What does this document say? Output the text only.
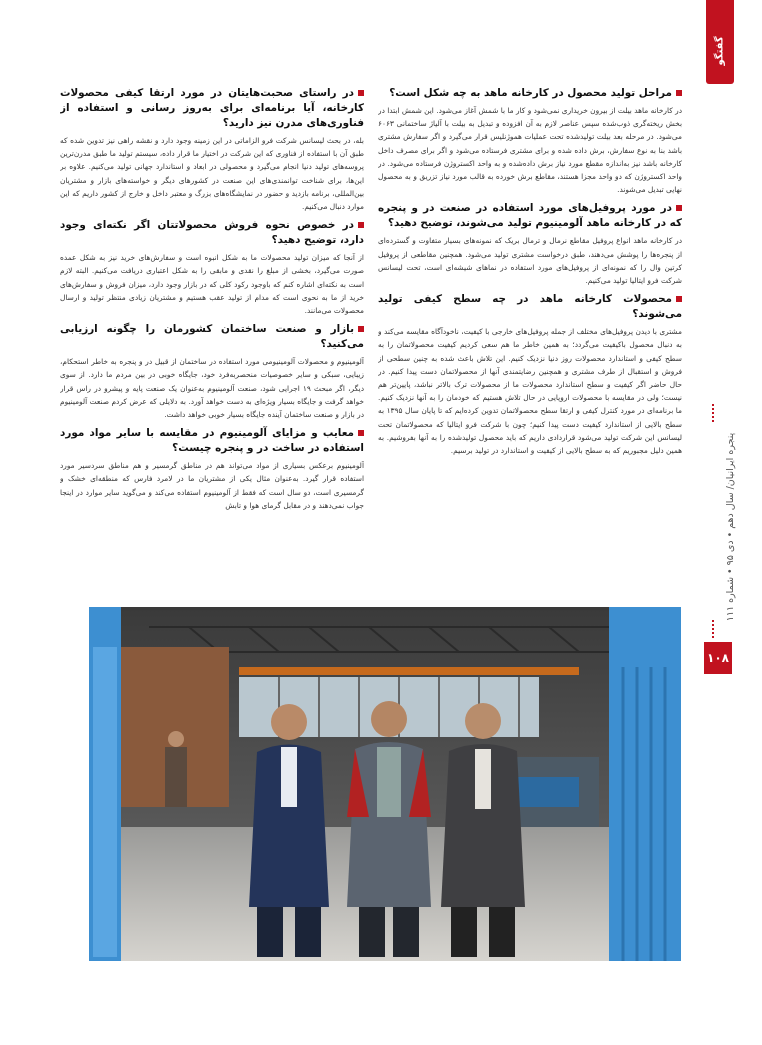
گفتگو
پنجره ایرانیان/ سال دهم • دی ۹۵ • شماره ۱۱۱
۱۰۸
مراحل تولید محصول در کارخانه ماهد به چه شکل است؟

در کارخانه ماهد بیلت از بیرون خریداری نمی‌شود و کار ما با شمش آغاز می‌شود. این شمش ابتدا در بخش ریخته‌گری ذوب‌شده سپس عناصر لازم به آن افزوده و تبدیل به بیلت با آلیاژ ساختمانی ۶۰۶۳ می‌شود. در مرحله بعد بیلت تولیدشده تحت عملیات هموژنلیس قرار می‌گیرد و اگر سفارش مشتری باشد بنا به نوع سفارش، برش داده شده و برای مشتری فرستاده می‌شود و اگر برای مصرف داخل کارخانه باشد نیز به‌اندازه مقطع مورد نیاز برش داده‌شده و به واحد اکستروژن فرستاده می‌شود. در واحد اکستروژن که دو واحد مجزا هستند، مقاطع برش خورده به قالب مورد نیاز تزریق و به محصول نهایی تبدیل می‌شوند.

در مورد پروفیل‌های مورد استفاده در صنعت در و پنجره که در کارخانه ماهد آلومینیوم تولید می‌شوند، توضیح دهید؟

در کارخانه ماهد انواع پروفیل مقاطع نرمال و ترمال بریک که نمونه‌های بسیار متفاوت و گسترده‌ای از پنجره‌ها را پوشش می‌دهند، طبق درخواست مشتری تولید می‌شود. همچنین مقاطعی از پروفیل کرتین وال را که نمونه‌ای از پروفیل‌های مورد استفاده در نماهای شیشه‌ای است، تحت لیسانس شرکت فرو ایتالیا تولید می‌کنیم.

محصولات کارخانه ماهد در چه سطح کیفی تولید می‌شوند؟

مشتری با دیدن پروفیل‌های مختلف از جمله پروفیل‌های خارجی با کیفیت، ناخودآگاه مقایسه می‌کند و به دنبال محصول باکیفیت می‌گردد؛ به همین خاطر ما هم سعی کردیم کیفیت محصولاتمان را به سطح کیفی و استاندارد محصولات روز دنیا نزدیک کنیم. این تلاش باعث شده به چنین سطحی از فروش و استقبال از طرف مشتری و همچنین رضایتمندی آنها از محصولاتمان دست پیدا کنیم. در حال حاضر اگر کیفیت و سطح استاندارد محصولات ما از محصولات ترک بالاتر نباشد، پایین‌تر هم نیست؛ ولی در مقایسه با محصولات اروپایی در حال تلاش هستیم که خودمان را به آنها نزدیک کنیم. ما برنامه‌ای در مورد کنترل کیفی و ارتقا سطح محصولاتمان تدوین کرده‌ایم که تا پایان سال ۱۳۹۵ به سطح بالایی از استاندارد کیفیت دست پیدا کنیم؛ چون با شرکت فرو ایتالیا که محصولاتمان تحت لیسانس این شرکت تولید می‌شود قراردادی داریم که باید محصول تولیدشده را به آنها بفروشیم. به همین دلیل مجبوریم که به سطح بالایی از کیفیت و استاندارد در تولید برسیم.

در راستای صحبت‌هایتان در مورد ارتقا کیفی محصولات کارخانه، آیا برنامه‌ای برای به‌روز رسانی و استفاده از فناوری‌های مدرن نیز دارید؟

بله، در بحث لیسانس شرکت فرو الزاماتی در این زمینه وجود دارد و نقشه راهی نیز تدوین شده که طبق آن با استفاده از فناوری که این شرکت در اختیار ما قرار داده، سیستم تولید ما طبق مدرن‌ترین پروسه‌های تولید دنیا انجام می‌گیرد و محصولی در ابعاد و استاندارد جهانی تولید می‌کنیم. علاوه بر این‌ها، برای شناخت توانمندی‌های این صنعت در کشورهای دیگر و خواسته‌های بازار و مشتریان بین‌المللی، برنامه بازدید و حضور در نمایشگاه‌های بزرگ و معتبر داخل و خارج از کشور داریم که این موارد دنبال می‌کنیم.

در خصوص نحوه فروش محصولاتتان اگر نکته‌ای وجود دارد، توضیح دهید؟

از آنجا که میزان تولید محصولات ما به شکل انبوه است و سفارش‌های خرید نیز به شکل عمده صورت می‌گیرد، بخشی از مبلغ را نقدی و مابقی را به شکل اعتباری دریافت می‌کنیم. البته لازم است به نکته‌ای اشاره کنم که باوجود رکود کلی که در بازار وجود دارد، میزان فروش و سفارش‌های خرید از ما به نحوی است که مدام از تولید عقب هستیم و مشتریان زیادی منتظر تولید و ارسال محصولات می‌مانند.

بازار و صنعت ساختمان کشورمان را چگونه ارزیابی می‌کنید؟

آلومینیوم و محصولات آلومینیومی مورد استفاده در ساختمان از قبیل در و پنجره به خاطر استحکام، زیبایی، سبکی و سایر خصوصیات منحصربه‌فرد خود، جایگاه خوبی در بین مردم ما دارد. از سوی دیگر، اگر مبحث ۱۹ اجرایی شود، صنعت آلومینیوم به‌عنوان یک صنعت پایه و پیشرو در راس قرار خواهد گرفت و جایگاه بسیار ویژه‌ای به دست خواهد آورد. به دلایلی که عرض کردم صنعت آلومینیوم در بازار و صنعت ساختمان آینده جایگاه بسیار خوبی خواهد داشت.

معایب و مزایای آلومینیوم در مقایسه با سایر مواد مورد استفاده در ساخت در و پنجره چیست؟

آلومینیوم برعکس بسیاری از مواد می‌تواند هم در مناطق گرمسیر و هم مناطق سردسیر مورد استفاده قرار گیرد. به‌عنوان مثال یکی از مشتریان ما در لامرد فارس که منطقه‌ای خشک و گرمسیری است، دو سال است که فقط از آلومینیوم استفاده می‌کند و می‌گوید سایر موارد در اینجا جواب نمی‌دهند و در مقابل گرمای هوا و تابش
